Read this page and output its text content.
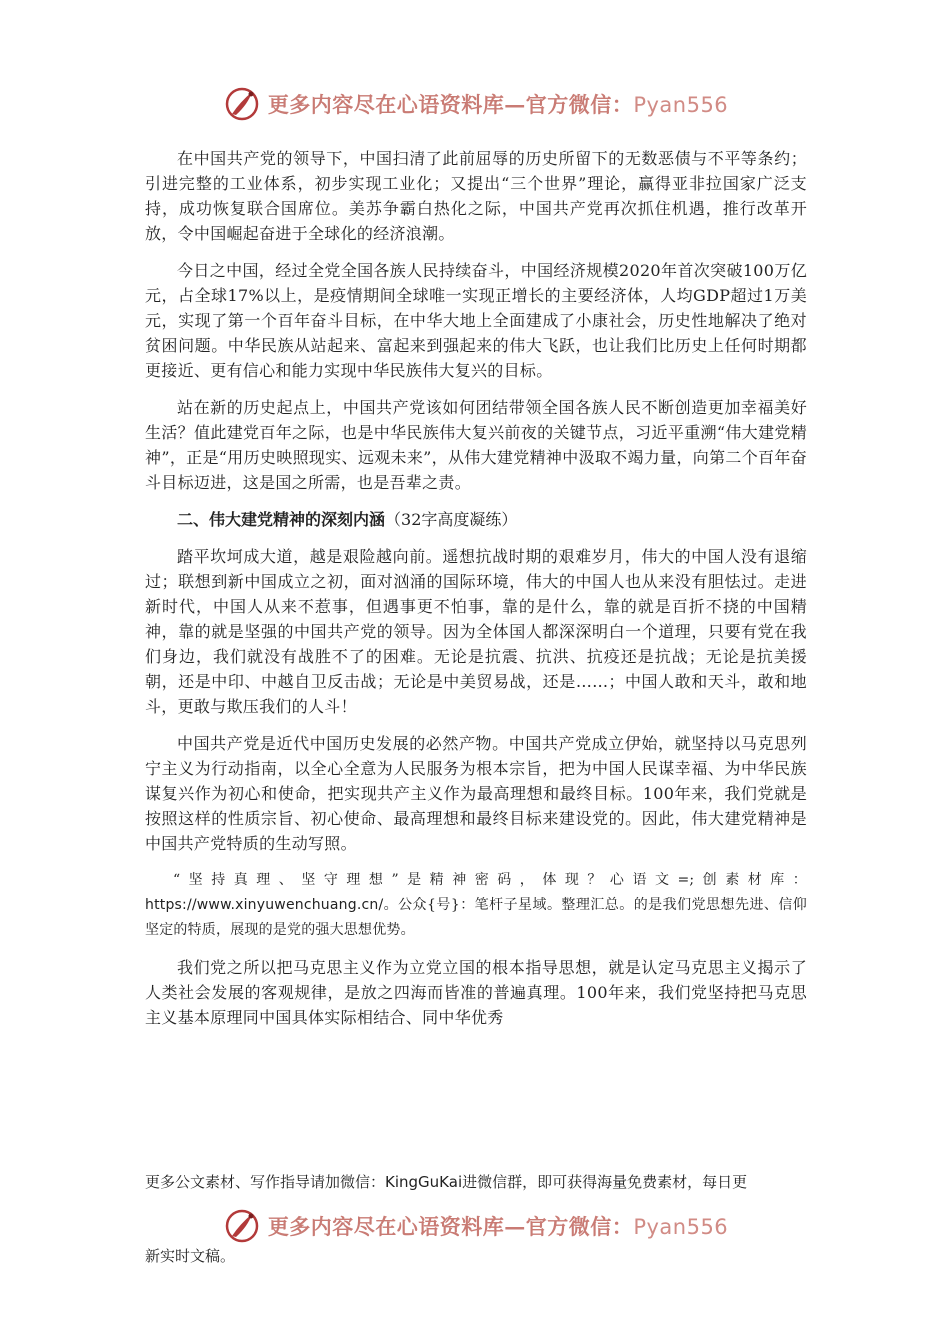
更多内容尽在心语资料库—官方微信：Pyan556

在中国共产党的领导下，中国扫清了此前屈辱的历史所留下的无数恶债与不平等条约；引进完整的工业体系，初步实现工业化；又提出“三个世界”理论，赢得亚非拉国家广泛支持，成功恢复联合国席位。美苏争霸白热化之际，中国共产党再次抓住机遇，推行改革开放，令中国崛起奋进于全球化的经济浪潮。

今日之中国，经过全党全国各族人民持续奋斗，中国经济规模2020年首次突破100万亿元，占全球17%以上，是疫情期间全球唯一实现正增长的主要经济体，人均GDP超过1万美元，实现了第一个百年奋斗目标，在中华大地上全面建成了小康社会，历史性地解决了绝对贫困问题。中华民族从站起来、富起来到强起来的伟大飞跃，也让我们比历史上任何时期都更接近、更有信心和能力实现中华民族伟大复兴的目标。

站在新的历史起点上，中国共产党该如何团结带领全国各族人民不断创造更加幸福美好生活？值此建党百年之际，也是中华民族伟大复兴前夜的关键节点，习近平重溯“伟大建党精神”，正是“用历史映照现实、远观未来”，从伟大建党精神中汲取不竭力量，向第二个百年奋斗目标迈进，这是国之所需，也是吾辈之责。

二、伟大建党精神的深刻内涵（32字高度凝练）

踏平坎坷成大道，越是艰险越向前。遥想抗战时期的艰难岁月，伟大的中国人没有退缩过；联想到新中国成立之初，面对汹涌的国际环境，伟大的中国人也从来没有胆怯过。走进新时代，中国人从来不惹事，但遇事更不怕事，靠的是什么，靠的就是百折不挠的中国精神，靠的就是坚强的中国共产党的领导。因为全体国人都深深明白一个道理，只要有党在我们身边，我们就没有战胜不了的困难。无论是抗震、抗洪、抗疫还是抗战；无论是抗美援朝，还是中印、中越自卫反击战；无论是中美贸易战，还是……；中国人敢和天斗，敢和地斗，更敢与欺压我们的人斗！

中国共产党是近代中国历史发展的必然产物。中国共产党成立伊始，就坚持以马克思列宁主义为行动指南，以全心全意为人民服务为根本宗旨，把为中国人民谋幸福、为中华民族谋复兴作为初心和使命，把实现共产主义作为最高理想和最终目标。100年来，我们党就是按照这样的性质宗旨、初心使命、最高理想和最终目标来建设党的。因此，伟大建党精神是中国共产党特质的生动写照。

“坚持真理、坚守理想”是精神密码，体现？心语文=;创素材库：https://www.xinyuwenchuang.cn/。公众{号}：笔杆子星域。整理汇总。的是我们党思想先进、信仰坚定的特质，展现的是党的强大思想优势。

我们党之所以把马克思主义作为立党立国的根本指导思想，就是认定马克思主义揭示了人类社会发展的客观规律，是放之四海而皆准的普遍真理。100年来，我们党坚持把马克思主义基本原理同中国具体实际相结合、同中华优秀

更多公文素材、写作指导请加微信：KingGuKai进微信群，即可获得海量免费素材，每日更
更多内容尽在心语资料库—官方微信：Pyan556
新实时文稿。
